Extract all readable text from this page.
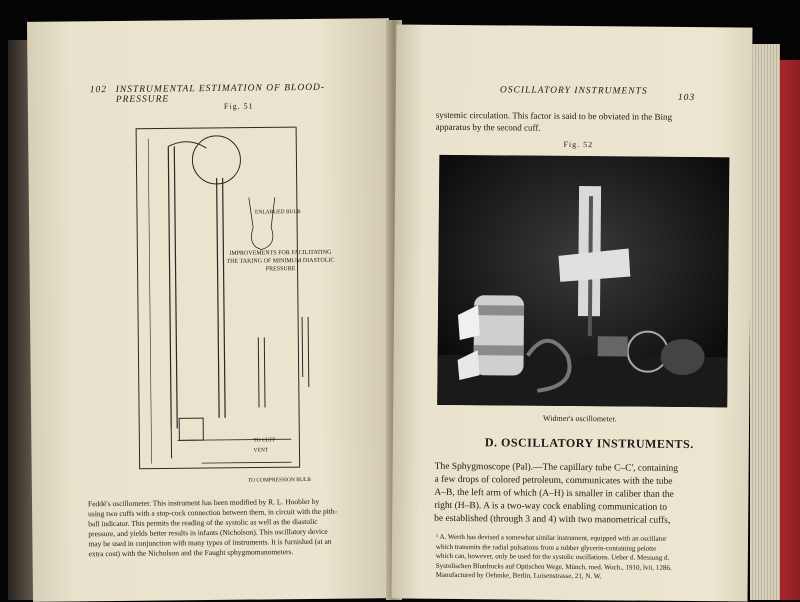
102 INSTRUMENTAL ESTIMATION OF BLOOD-PRESSURE
Fig. 51
ENLARGED BULB
IMPROVEMENTS FOR FACILITATING THE TAKING OF MINIMUM DIASTOLIC PRESSURE
TO CUFF
VENT
TO COMPRESSION BULB
Feddé's oscillometer. This instrument has been modified by R. L. Hoobler by
using two cuffs with a stop-cock connection between them, in circuit with the pith-
ball indicator. This permits the reading of the systolic as well as the diastolic
pressure, and yields better results in infants (Nicholson). This oscillatory device
may be used in conjunction with many types of instruments. It is furnished (at an
extra cost) with the Nicholson and the Faught sphygmomanometers.
OSCILLATORY INSTRUMENTS
103
systemic circulation. This factor is said to be obviated in the Bing
apparatus by the second cuff.
Fig. 52
Widmer's oscillometer.
D. OSCILLATORY INSTRUMENTS.
The Sphygmoscope (Pal).—The capillary tube C–C', containing
a few drops of colored petroleum, communicates with the tube
A–B, the left arm of which (A–H) is smaller in caliber than the
right (H–B). A is a two-way cock enabling communication to
be established (through 3 and 4) with two manometrical cuffs,
¹ A. Werth has devised a somewhat similar instrument, equipped with an oscillator
which transmits the radial pulsations from a rubber glycerin-containing pelotte
which can, however, only be used for the systolic oscillations. Ueber d. Messung d.
Systolischen Blutdrucks auf Optischen Wege, Münch. med. Woch., 1910, lvii, 1286.
Manufactured by Oehmke, Berlin, Luisenstrasse, 21, N. W.
